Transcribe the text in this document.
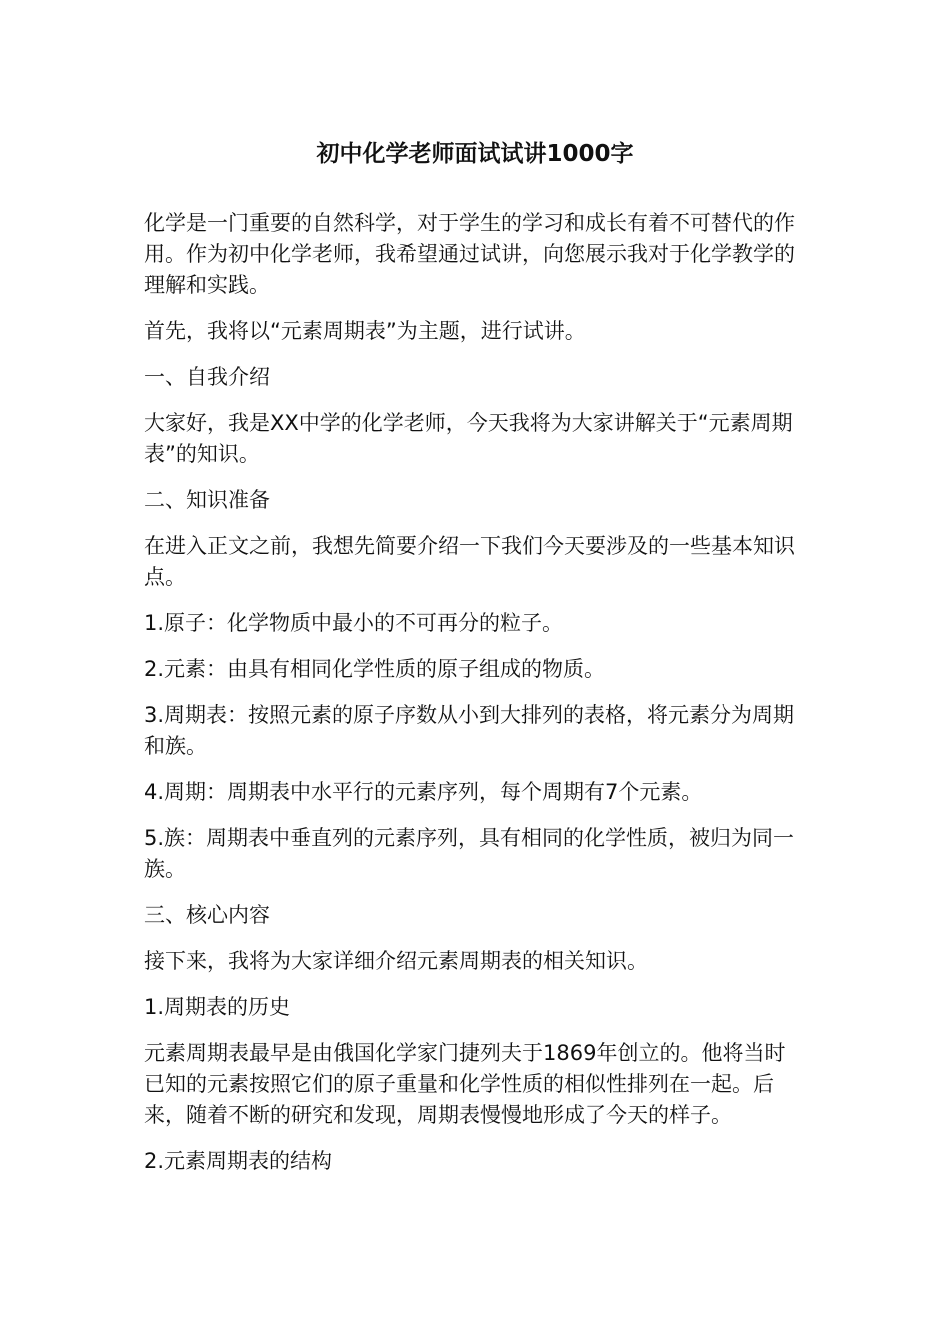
初中化学老师面试试讲1000字

化学是一门重要的自然科学，对于学生的学习和成长有着不可替代的作用。作为初中化学老师，我希望通过试讲，向您展示我对于化学教学的理解和实践。

首先，我将以“元素周期表”为主题，进行试讲。

一、自我介绍

大家好，我是XX中学的化学老师，今天我将为大家讲解关于“元素周期表”的知识。

二、知识准备

在进入正文之前，我想先简要介绍一下我们今天要涉及的一些基本知识点。

1.原子：化学物质中最小的不可再分的粒子。

2.元素：由具有相同化学性质的原子组成的物质。

3.周期表：按照元素的原子序数从小到大排列的表格，将元素分为周期和族。

4.周期：周期表中水平行的元素序列，每个周期有7个元素。

5.族：周期表中垂直列的元素序列，具有相同的化学性质，被归为同一族。

三、核心内容

接下来，我将为大家详细介绍元素周期表的相关知识。

1.周期表的历史

元素周期表最早是由俄国化学家门捷列夫于1869年创立的。他将当时已知的元素按照它们的原子重量和化学性质的相似性排列在一起。后来，随着不断的研究和发现，周期表慢慢地形成了今天的样子。

2.元素周期表的结构
